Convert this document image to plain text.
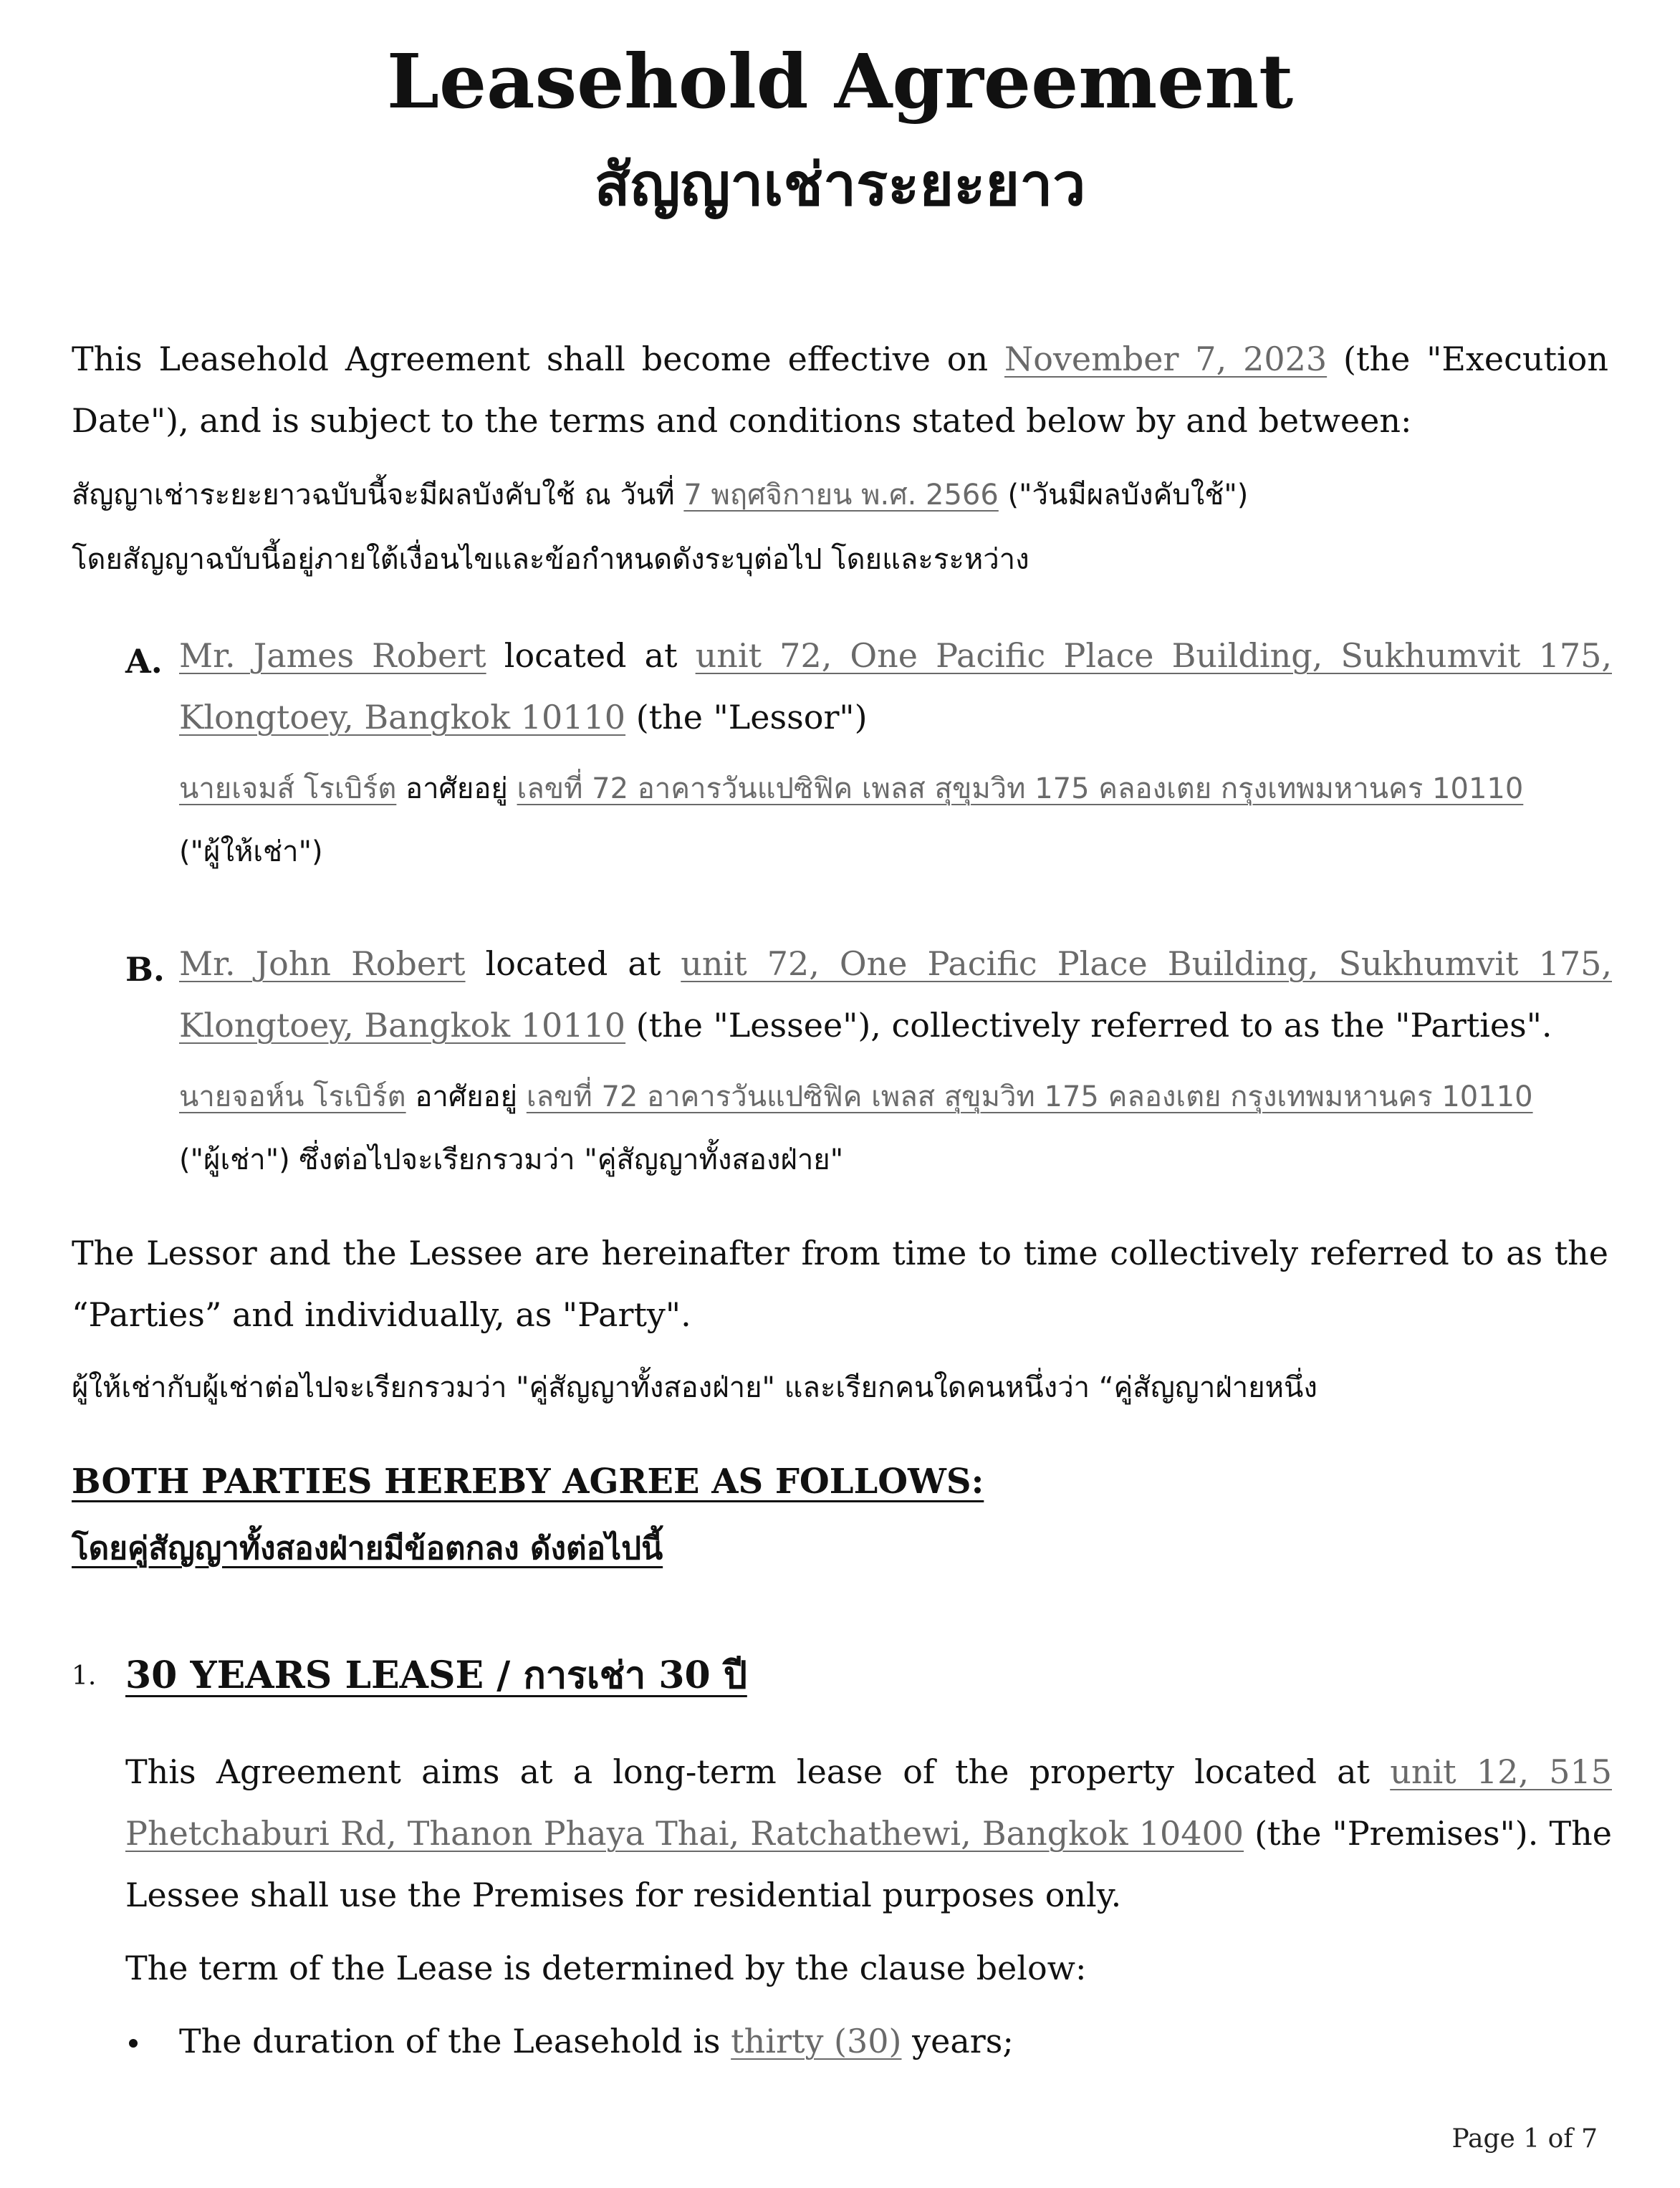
Leasehold Agreement
สัญญาเช่าระยะยาว

This Leasehold Agreement shall become effective on November 7, 2023 (the "Execution Date"), and is subject to the terms and conditions stated below by and between:

สัญญาเช่าระยะยาวฉบับนี้จะมีผลบังคับใช้ ณ วันที่ 7 พฤศจิกายน พ.ศ. 2566 ("วันมีผลบังคับใช้")

โดยสัญญาฉบับนี้อยู่ภายใต้เงื่อนไขและข้อกำหนดดังระบุต่อไป โดยและระหว่าง

A. Mr. James Robert located at unit 72, One Pacific Place Building, Sukhumvit 175, Klongtoey, Bangkok 10110 (the "Lessor")

นายเจมส์ โรเบิร์ต อาศัยอยู่ เลขที่ 72 อาคารวันแปซิฟิค เพลส สุขุมวิท 175 คลองเตย กรุงเทพมหานคร 10110

("ผู้ให้เช่า")

B. Mr. John Robert located at unit 72, One Pacific Place Building, Sukhumvit 175, Klongtoey, Bangkok 10110 (the "Lessee"), collectively referred to as the "Parties".

นายจอห์น โรเบิร์ต อาศัยอยู่ เลขที่ 72 อาคารวันแปซิฟิค เพลส สุขุมวิท 175 คลองเตย กรุงเทพมหานคร 10110

("ผู้เช่า") ซึ่งต่อไปจะเรียกรวมว่า "คู่สัญญาทั้งสองฝ่าย"

The Lessor and the Lessee are hereinafter from time to time collectively referred to as the “Parties” and individually, as "Party".

ผู้ให้เช่ากับผู้เช่าต่อไปจะเรียกรวมว่า "คู่สัญญาทั้งสองฝ่าย" และเรียกคนใดคนหนึ่งว่า “คู่สัญญาฝ่ายหนึ่ง

BOTH PARTIES HEREBY AGREE AS FOLLOWS:
โดยคู่สัญญาทั้งสองฝ่ายมีข้อตกลง ดังต่อไปนี้
1. 30 YEARS LEASE / การเช่า 30 ปี

This Agreement aims at a long-term lease of the property located at unit 12, 515 Phetchaburi Rd, Thanon Phaya Thai, Ratchathewi, Bangkok 10400 (the "Premises"). The Lessee shall use the Premises for residential purposes only.

The term of the Lease is determined by the clause below:

The duration of the Leasehold is thirty (30) years;

Page 1 of 7
